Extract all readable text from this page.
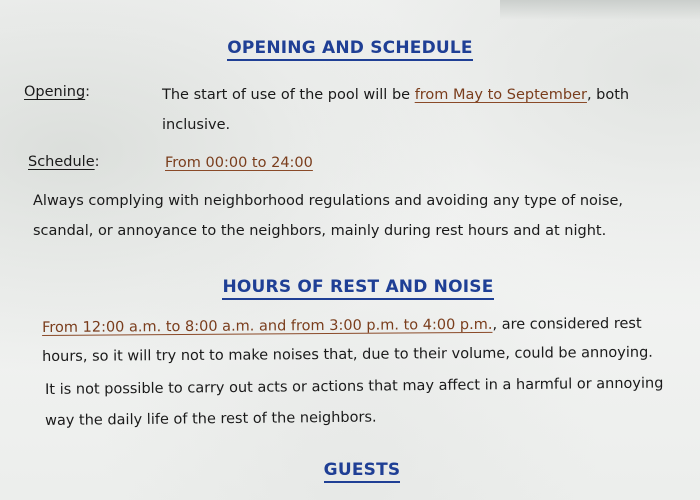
OPENING AND SCHEDULE
Opening:	The start of use of the pool will be from May to September, both
inclusive.
Schedule:	From 00:00 to 24:00
Always complying with neighborhood regulations and avoiding any type of noise,
scandal, or annoyance to the neighbors, mainly during rest hours and at night.
HOURS OF REST AND NOISE
From 12:00 a.m. to 8:00 a.m. and from 3:00 p.m. to 4:00 p.m., are considered rest
hours, so it will try not to make noises that, due to their volume, could be annoying.
It is not possible to carry out acts or actions that may affect in a harmful or annoying
way the daily life of the rest of the neighbors.
GUESTS
